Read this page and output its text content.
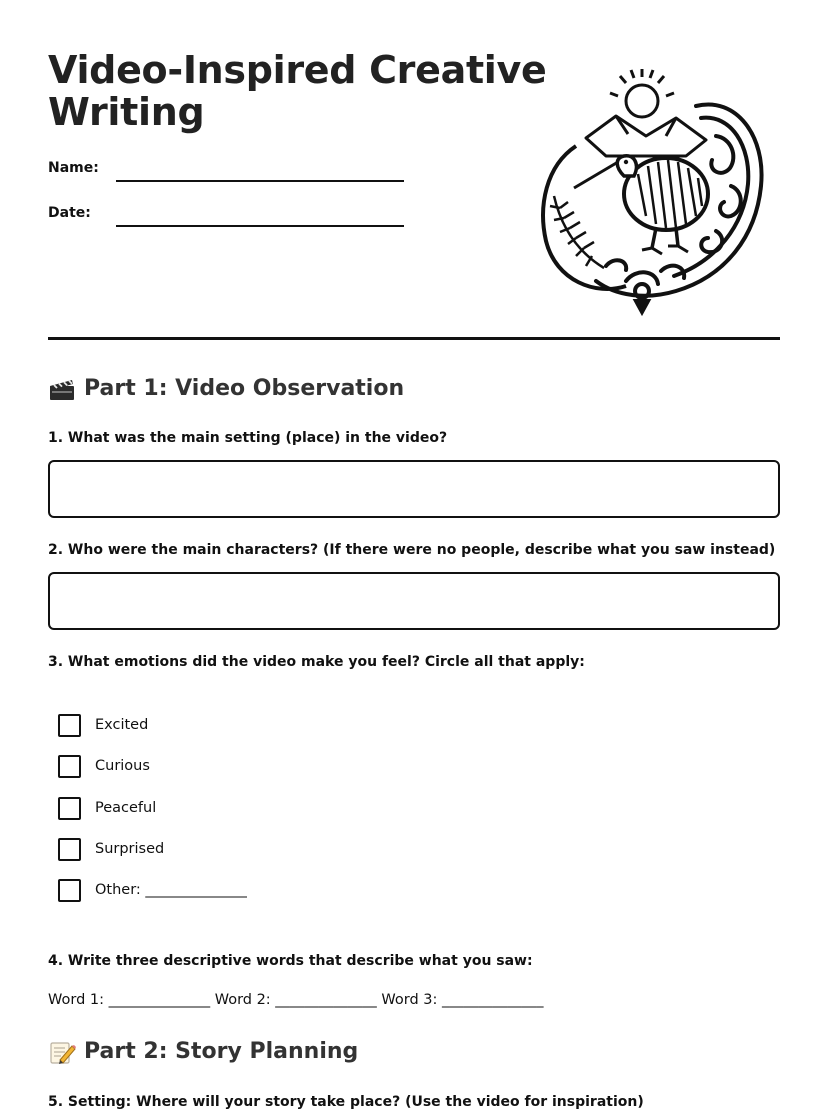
Video-Inspired Creative
Writing
Name:
Date:
Part 1: Video Observation

1. What was the main setting (place) in the video?

2. Who were the main characters? (If there were no people, describe what you saw instead)

3. What emotions did the video make you feel? Circle all that apply:

Excited
Curious
Peaceful
Surprised
Other: ______________

4. Write three descriptive words that describe what you saw:

Word 1: ______________ Word 2: ______________ Word 3: ______________
Part 2: Story Planning

5. Setting: Where will your story take place? (Use the video for inspiration)
